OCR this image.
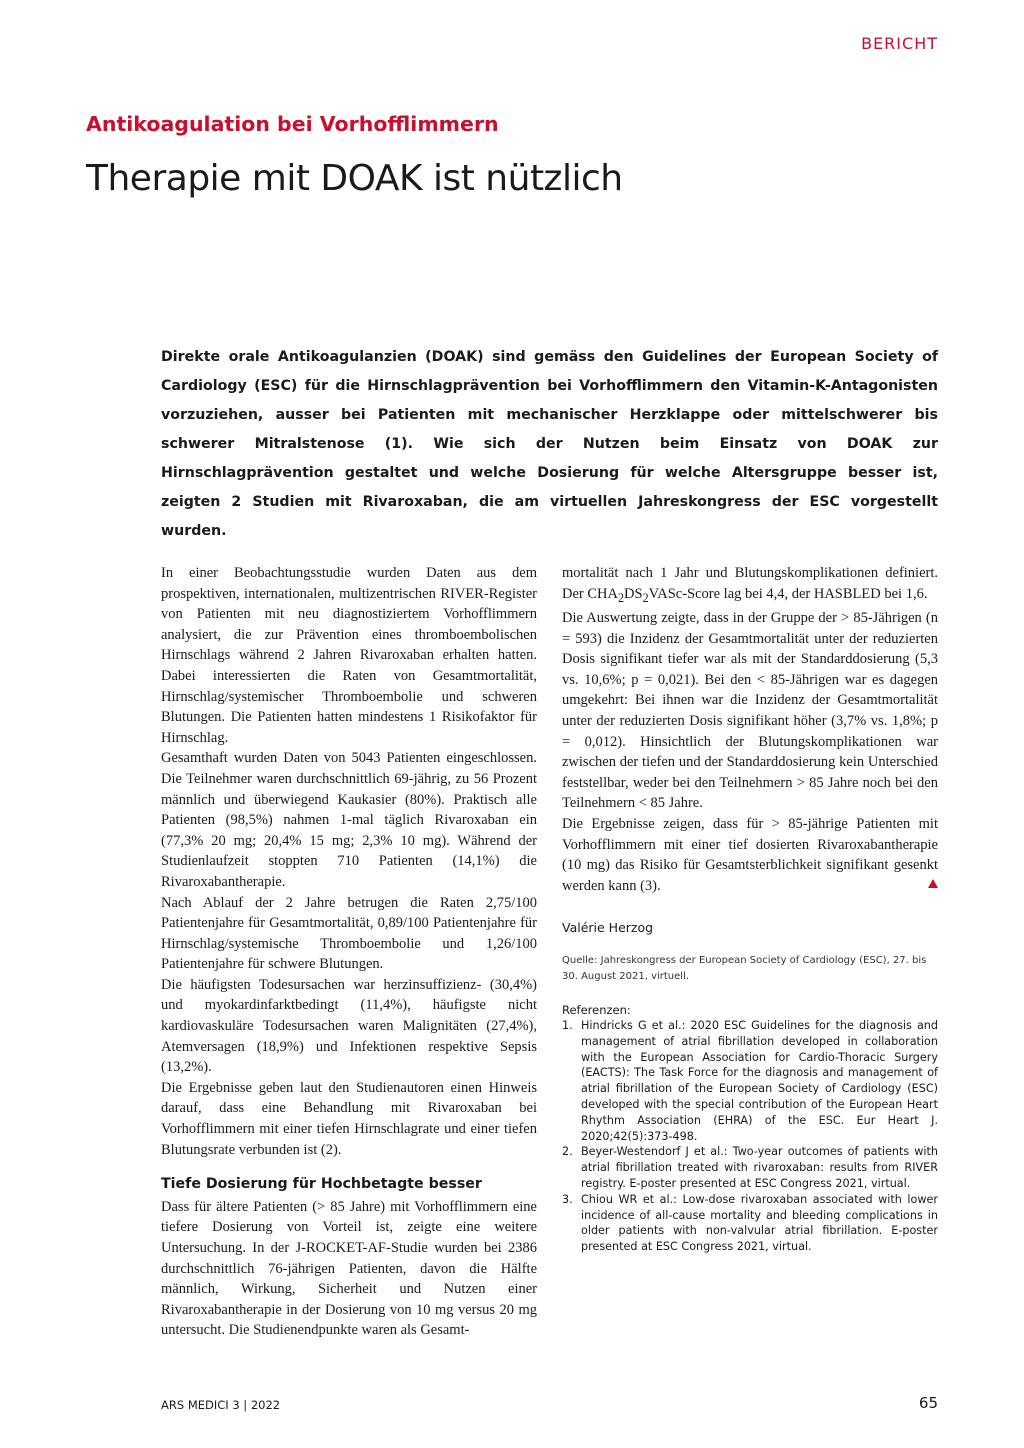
BERICHT
Antikoagulation bei Vorhofflimmern
Therapie mit DOAK ist nützlich

Direkte orale Antikoagulanzien (DOAK) sind gemäss den Guidelines der European Society of Cardiology (ESC) für die Hirnschlagprävention bei Vorhofflimmern den Vitamin-K-Antagonisten vorzuziehen, ausser bei Patienten mit mechanischer Herzklappe oder mittelschwerer bis schwerer Mitralstenose (1). Wie sich der Nutzen beim Einsatz von DOAK zur Hirnschlagprävention gestaltet und welche Dosierung für welche Altersgruppe besser ist, zeigten 2 Studien mit Rivaroxaban, die am virtuellen Jahreskongress der ESC vorgestellt wurden.

In einer Beobachtungsstudie wurden Daten aus dem prospektiven, internationalen, multizentrischen RIVER-Register von Patienten mit neu diagnostiziertem Vorhofflimmern analysiert, die zur Prävention eines thromboembolischen Hirnschlags während 2 Jahren Rivaroxaban erhalten hatten. Dabei interessierten die Raten von Gesamtmortalität, Hirnschlag/systemischer Thromboembolie und schweren Blutungen. Die Patienten hatten mindestens 1 Risikofaktor für Hirnschlag.

Gesamthaft wurden Daten von 5043 Patienten eingeschlossen. Die Teilnehmer waren durchschnittlich 69-jährig, zu 56 Prozent männlich und überwiegend Kaukasier (80%). Praktisch alle Patienten (98,5%) nahmen 1-mal täglich Rivaroxaban ein (77,3% 20 mg; 20,4% 15 mg; 2,3% 10 mg). Während der Studienlaufzeit stoppten 710 Patienten (14,1%) die Rivaroxabantherapie.

Nach Ablauf der 2 Jahre betrugen die Raten 2,75/100 Patientenjahre für Gesamtmortalität, 0,89/100 Patientenjahre für Hirnschlag/systemische Thromboembolie und 1,26/100 Patientenjahre für schwere Blutungen.

Die häufigsten Todesursachen war herzinsuffizienz- (30,4%) und myokardinfarktbedingt (11,4%), häufigste nicht kardiovaskuläre Todesursachen waren Malignitäten (27,4%), Atemversagen (18,9%) und Infektionen respektive Sepsis (13,2%).

Die Ergebnisse geben laut den Studienautoren einen Hinweis darauf, dass eine Behandlung mit Rivaroxaban bei Vorhofflimmern mit einer tiefen Hirnschlagrate und einer tiefen Blutungsrate verbunden ist (2).

Tiefe Dosierung für Hochbetagte besser

Dass für ältere Patienten (> 85 Jahre) mit Vorhofflimmern eine tiefere Dosierung von Vorteil ist, zeigte eine weitere Untersuchung. In der J-ROCKET-AF-Studie wurden bei 2386 durchschnittlich 76-jährigen Patienten, davon die Hälfte männlich, Wirkung, Sicherheit und Nutzen einer Rivaroxabantherapie in der Dosierung von 10 mg versus 20 mg untersucht. Die Studienendpunkte waren als Gesamt-

mortalität nach 1 Jahr und Blutungskomplikationen definiert. Der $CHA_2DS_2VASc$-Score lag bei 4,4, der HASBLED bei 1,6.

Die Auswertung zeigte, dass in der Gruppe der > 85-Jährigen (n = 593) die Inzidenz der Gesamtmortalität unter der reduzierten Dosis signifikant tiefer war als mit der Standarddosierung (5,3 vs. 10,6%; p = 0,021). Bei den < 85-Jährigen war es dagegen umgekehrt: Bei ihnen war die Inzidenz der Gesamtmortalität unter der reduzierten Dosis signifikant höher (3,7% vs. 1,8%; p = 0,012). Hinsichtlich der Blutungskomplikationen war zwischen der tiefen und der Standarddosierung kein Unterschied feststellbar, weder bei den Teilnehmern > 85 Jahre noch bei den Teilnehmern < 85 Jahre.

Die Ergebnisse zeigen, dass für > 85-jährige Patienten mit Vorhofflimmern mit einer tief dosierten Rivaroxabantherapie (10 mg) das Risiko für Gesamtsterblichkeit signifikant gesenkt werden kann (3).

Valérie Herzog
Quelle: Jahreskongress der European Society of Cardiology (ESC), 27. bis 30. August 2021, virtuell.
Referenzen:
1. Hindricks G et al.: 2020 ESC Guidelines for the diagnosis and management of atrial fibrillation developed in collaboration with the European Association for Cardio-Thoracic Surgery (EACTS): The Task Force for the diagnosis and management of atrial fibrillation of the European Society of Cardiology (ESC) developed with the special contribution of the European Heart Rhythm Association (EHRA) of the ESC. Eur Heart J. 2020;42(5):373-498.
2. Beyer-Westendorf J et al.: Two-year outcomes of patients with atrial fibrillation treated with rivaroxaban: results from RIVER registry. E-poster presented at ESC Congress 2021, virtual.
3. Chiou WR et al.: Low-dose rivaroxaban associated with lower incidence of all-cause mortality and bleeding complications in older patients with non-valvular atrial fibrillation. E-poster presented at ESC Congress 2021, virtual.
ARS MEDICI 3 | 2022	65
